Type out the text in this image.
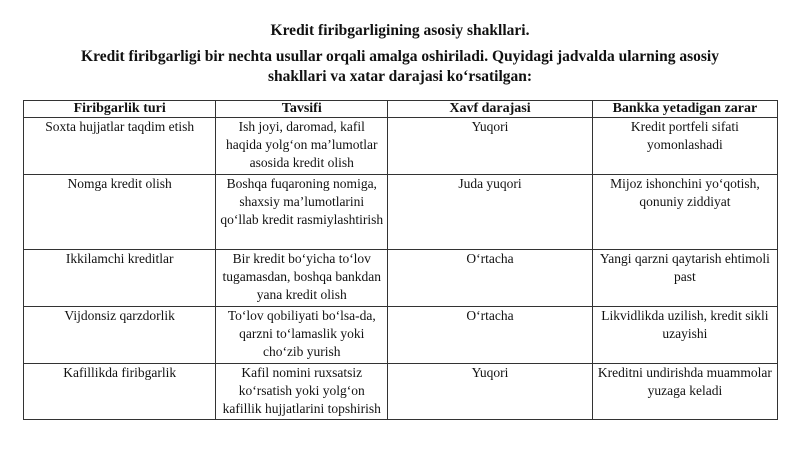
Kredit firibgarligining asosiy shakllari.
Kredit firibgarligi bir nechta usullar orqali amalga oshiriladi. Quyidagi jadvalda ularning asosiy shakllari va xatar darajasi ko‘rsatilgan:
Firibgarlik turi	Tavsifi	Xavf darajasi	Bankka yetadigan zarar
Soxta hujjatlar taqdim etish	Ish joyi, daromad, kafil haqida yolg‘on ma’lumotlar asosida kredit olish	Yuqori	Kredit portfeli sifati yomonlashadi
Nomga kredit olish	Boshqa fuqaroning nomiga, shaxsiy ma’lumotlarini qo‘llab kredit rasmiylashtirish	Juda yuqori	Mijoz ishonchini yo‘qotish, qonuniy ziddiyat
Ikkilamchi kreditlar	Bir kredit bo‘yicha to‘lov tugamasdan, boshqa bankdan yana kredit olish	O‘rtacha	Yangi qarzni qaytarish ehtimoli past
Vijdonsiz qarzdorlik	To‘lov qobiliyati bo‘lsa-da, qarzni to‘lamaslik yoki cho‘zib yurish	O‘rtacha	Likvidlikda uzilish, kredit sikli uzayishi
Kafillikda firibgarlik	Kafil nomini ruxsatsiz ko‘rsatish yoki yolg‘on kafillik hujjatlarini topshirish	Yuqori	Kreditni undirishda muammolar yuzaga keladi
